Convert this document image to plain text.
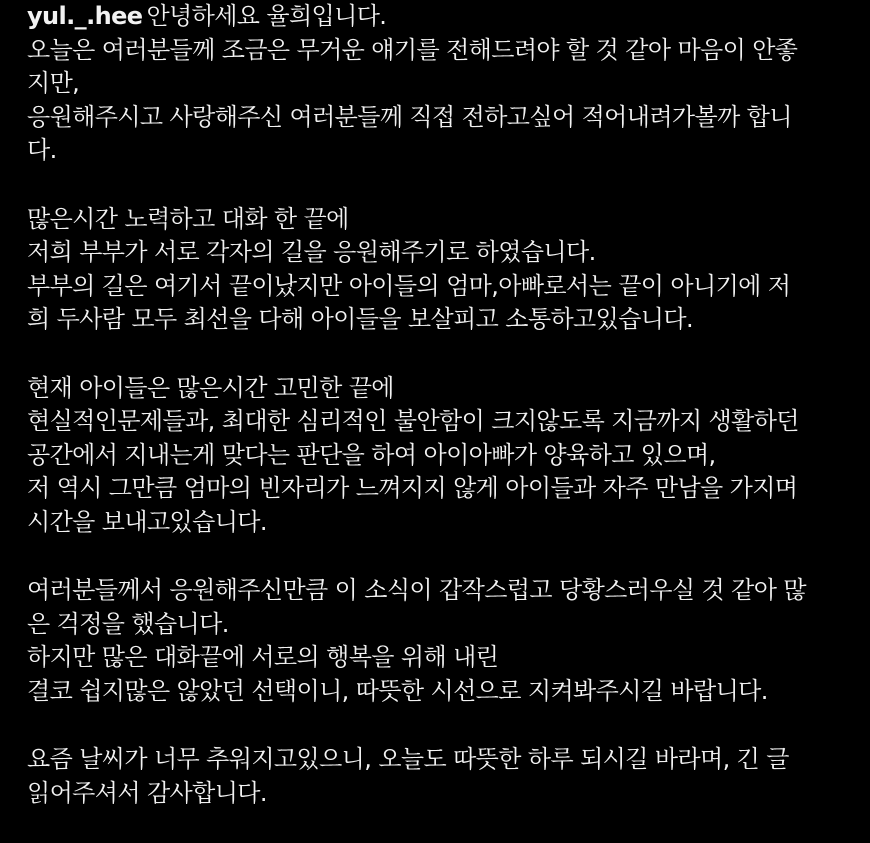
yul._.hee 안녕하세요 율희입니다.
오늘은 여러분들께 조금은 무거운 얘기를 전해드려야 할 것 같아 마음이 안좋
지만,
응원해주시고 사랑해주신 여러분들께 직접 전하고싶어 적어내려가볼까 합니
다.
많은시간 노력하고 대화 한 끝에
저희 부부가 서로 각자의 길을 응원해주기로 하였습니다.
부부의 길은 여기서 끝이났지만 아이들의 엄마,아빠로서는 끝이 아니기에 저
희 두사람 모두 최선을 다해 아이들을 보살피고 소통하고있습니다.
현재 아이들은 많은시간 고민한 끝에
현실적인문제들과, 최대한 심리적인 불안함이 크지않도록 지금까지 생활하던
공간에서 지내는게 맞다는 판단을 하여 아이아빠가 양육하고 있으며,
저 역시 그만큼 엄마의 빈자리가 느껴지지 않게 아이들과 자주 만남을 가지며
시간을 보내고있습니다.
여러분들께서 응원해주신만큼 이 소식이 갑작스럽고 당황스러우실 것 같아 많
은 걱정을 했습니다.
하지만 많은 대화끝에 서로의 행복을 위해 내린
결코 쉽지많은 않았던 선택이니, 따뜻한 시선으로 지켜봐주시길 바랍니다.
요즘 날씨가 너무 추워지고있으니, 오늘도 따뜻한 하루 되시길 바라며, 긴 글
읽어주셔서 감사합니다.
